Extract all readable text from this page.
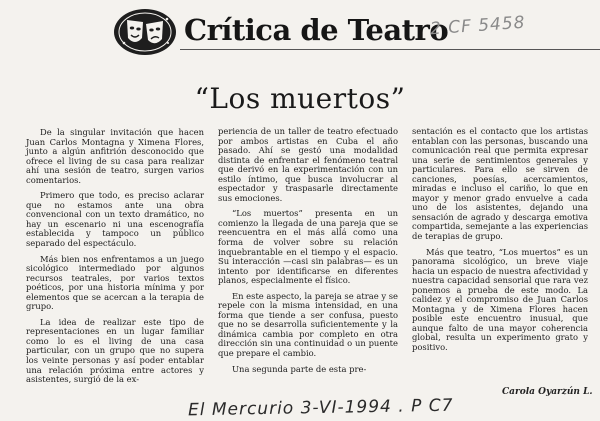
Crítica de Teatro
2 CF 5458
“Los muertos”

De la singular invitación que hacen Juan Carlos Montagna y Ximena Flores, junto a algún anfitrión desconocido que ofrece el living de su casa para realizar ahí una sesión de teatro, surgen varios comentarios.

Primero que todo, es preciso aclarar que no estamos ante una obra convencional con un texto dramático, no hay un escenario ni una escenografía establecida y tampoco un público separado del espectáculo.

Más bien nos enfrentamos a un juego sicológico intermediado por algunos recursos teatrales, por varios textos poéticos, por una historia mínima y por elementos que se acercan a la terapia de grupo.

La idea de realizar este tipo de representaciones en un lugar familiar como lo es el living de una casa particular, con un grupo que no supera los veinte personas y así poder entablar una relación próxima entre actores y asistentes, surgió de la ex-

periencia de un taller de teatro efectuado por ambos artistas en Cuba el año pasado. Ahí se gestó una modalidad distinta de enfrentar el fenómeno teatral que derivó en la experimentación con un estilo íntimo, que busca involucrar al espectador y traspasarle directamente sus emociones.

“Los muertos” presenta en un comienzo la llegada de una pareja que se reencuentra en el más allá como una forma de volver sobre su relación inquebrantable en el tiempo y el espacio. Su interacción —casi sin palabras— es un intento por identificarse en diferentes planos, especialmente el físico.

En este aspecto, la pareja se atrae y se repele con la misma intensidad, en una forma que tiende a ser confusa, puesto que no se desarrolla suficientemente y la dinámica cambia por completo en otra dirección sin una continuidad o un puente que prepare el cambio.

Una segunda parte de esta pre-

sentación es el contacto que los artistas entablan con las personas, buscando una comunicación real que permita expresar una serie de sentimientos generales y particulares. Para ello se sirven de canciones, poesías, acercamientos, miradas e incluso el cariño, lo que en mayor y menor grado envuelve a cada uno de los asistentes, dejando una sensación de agrado y descarga emotiva compartida, semejante a las experiencias de terapias de grupo.

Más que teatro, “Los muertos” es un panorama sicológico, un breve viaje hacia un espacio de nuestra afectividad y nuestra capacidad sensorial que rara vez ponemos a prueba de este modo. La calidez y el compromiso de Juan Carlos Montagna y de Ximena Flores hacen posible este encuentro inusual, que aunque falto de una mayor coherencia global, resulta un experimento grato y positivo.

Carola Oyarzún L.
El Mercurio 3-VI-1994 . P C7
